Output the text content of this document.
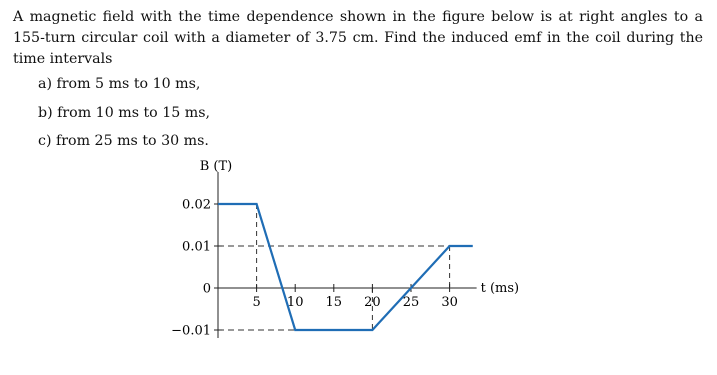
A magnetic field with the time dependence shown in the figure below is at right angles to a 155-turn circular coil with a diameter of 3.75 cm. Find the induced emf in the coil during the time intervals
a) from 5 ms to 10 ms,
b) from 10 ms to 15 ms,
c) from 25 ms to 30 ms.
B (T)
t (ms)
0.02
0.01
0
−0.01
5 10 15 20 25 30
